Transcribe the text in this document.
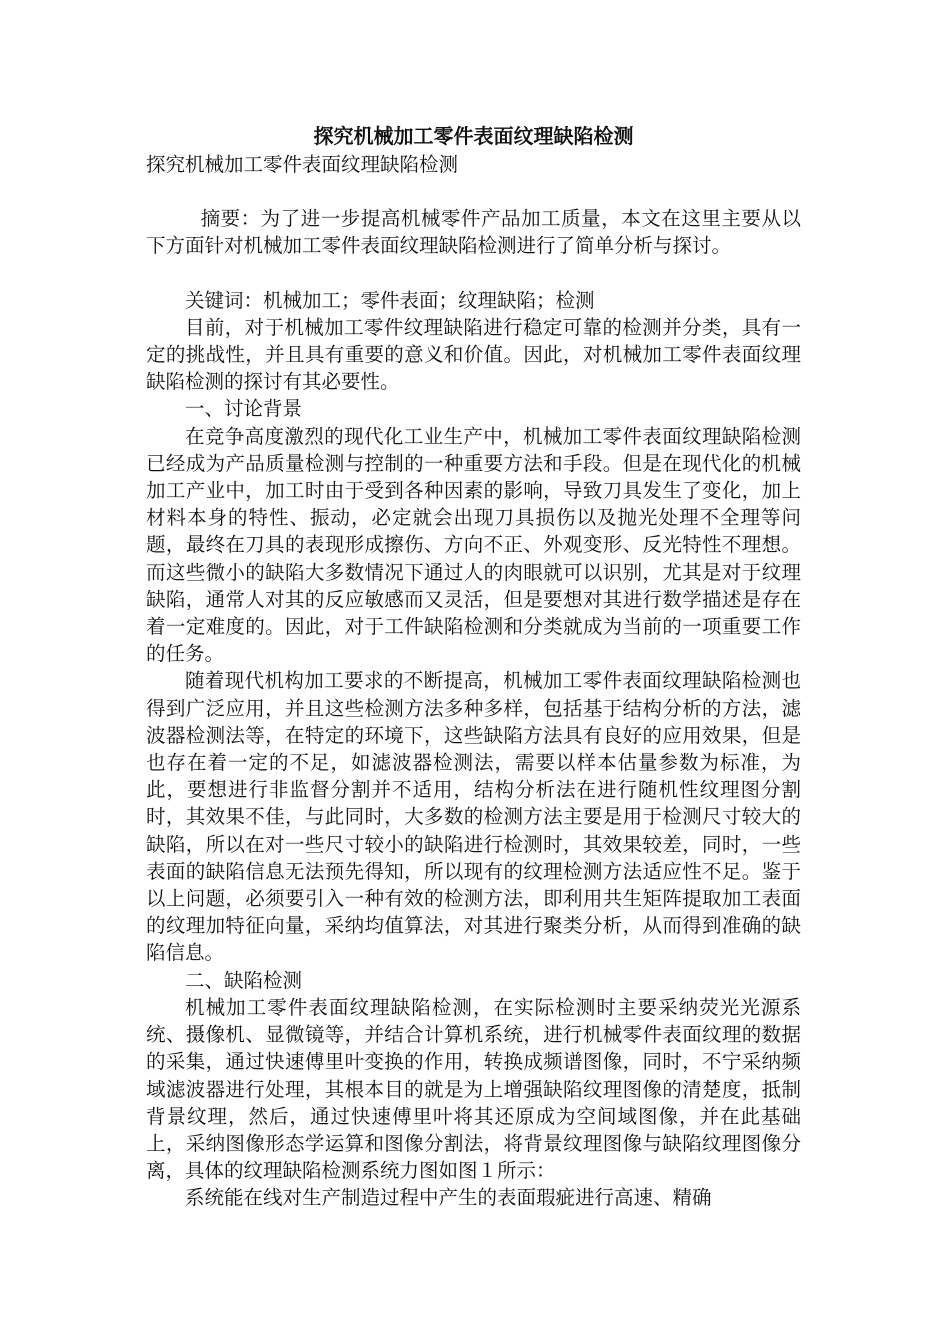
探究机械加工零件表面纹理缺陷检测

探究机械加工零件表面纹理缺陷检测

摘要：为了进一步提高机械零件产品加工质量，本文在这里主要从以下方面针对机械加工零件表面纹理缺陷检测进行了简单分析与探讨。

关键词：机械加工；零件表面；纹理缺陷；检测

目前，对于机械加工零件纹理缺陷进行稳定可靠的检测并分类，具有一定的挑战性，并且具有重要的意义和价值。因此，对机械加工零件表面纹理缺陷检测的探讨有其必要性。

一、讨论背景

在竞争高度激烈的现代化工业生产中，机械加工零件表面纹理缺陷检测已经成为产品质量检测与控制的一种重要方法和手段。但是在现代化的机械加工产业中，加工时由于受到各种因素的影响，导致刀具发生了变化，加上材料本身的特性、振动，必定就会出现刀具损伤以及抛光处理不全理等问题，最终在刀具的表现形成擦伤、方向不正、外观变形、反光特性不理想。而这些微小的缺陷大多数情况下通过人的肉眼就可以识别，尤其是对于纹理缺陷，通常人对其的反应敏感而又灵活，但是要想对其进行数学描述是存在着一定难度的。因此，对于工件缺陷检测和分类就成为当前的一项重要工作的任务。

随着现代机构加工要求的不断提高，机械加工零件表面纹理缺陷检测也得到广泛应用，并且这些检测方法多种多样，包括基于结构分析的方法，滤波器检测法等，在特定的环境下，这些缺陷方法具有良好的应用效果，但是也存在着一定的不足，如滤波器检测法，需要以样本估量参数为标准，为此，要想进行非监督分割并不适用，结构分析法在进行随机性纹理图分割时，其效果不佳，与此同时，大多数的检测方法主要是用于检测尺寸较大的缺陷，所以在对一些尺寸较小的缺陷进行检测时，其效果较差，同时，一些表面的缺陷信息无法预先得知，所以现有的纹理检测方法适应性不足。鉴于以上问题，必须要引入一种有效的检测方法，即利用共生矩阵提取加工表面的纹理加特征向量，采纳均值算法，对其进行聚类分析，从而得到准确的缺陷信息。

二、缺陷检测

机械加工零件表面纹理缺陷检测，在实际检测时主要采纳荧光光源系统、摄像机、显微镜等，并结合计算机系统，进行机械零件表面纹理的数据的采集，通过快速傅里叶变换的作用，转换成频谱图像，同时，不宁采纳频域滤波器进行处理，其根本目的就是为上增强缺陷纹理图像的清楚度，抵制背景纹理，然后，通过快速傅里叶将其还原成为空间域图像，并在此基础上，采纳图像形态学运算和图像分割法，将背景纹理图像与缺陷纹理图像分离，具体的纹理缺陷检测系统力图如图１所示：

系统能在线对生产制造过程中产生的表面瑕疵进行高速、精确
